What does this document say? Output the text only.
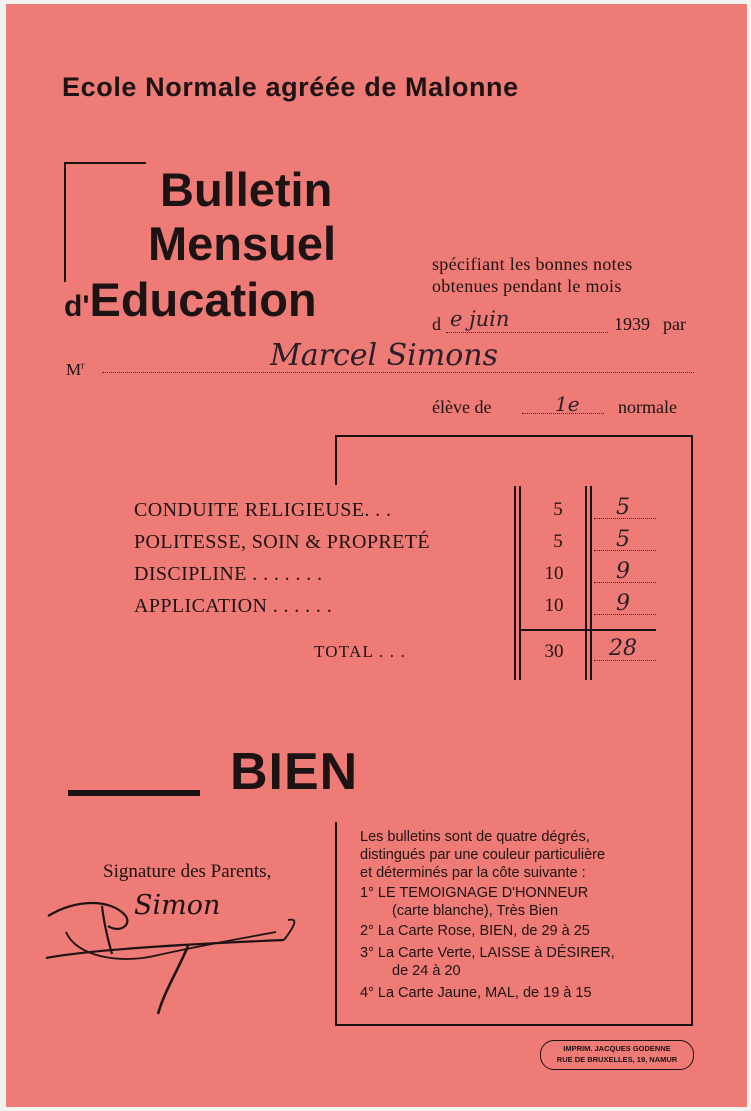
Ecole Normale agréée de Malonne
Bulletin
Mensuel
d'Education
spécifiant les bonnes notes
obtenues pendant le mois
d e juin	1939 par
$M^r$	Marcel Simons
élève de	1e normale
CONDUITE RELIGIEUSE. . .	5	5
POLITESSE, SOIN & PROPRETÉ	5	5
DISCIPLINE . . . . . . .	10	9
APPLICATION . . . . . .	10	9
TOTAL . . .	30	28
BIEN
Signature des Parents,
Simon
Les bulletins sont de quatre dégrés,
distingués par une couleur particulière
et déterminés par la côte suivante :
1° LE TEMOIGNAGE D'HONNEUR
(carte blanche), Très Bien
2° La Carte Rose, BIEN, de 29 à 25
3° La Carte Verte, LAISSE à DÉSIRER,
de 24 à 20
4° La Carte Jaune, MAL, de 19 à 15
IMPRIM. JACQUES GODENNE
RUE DE BRUXELLES, 19, NAMUR
